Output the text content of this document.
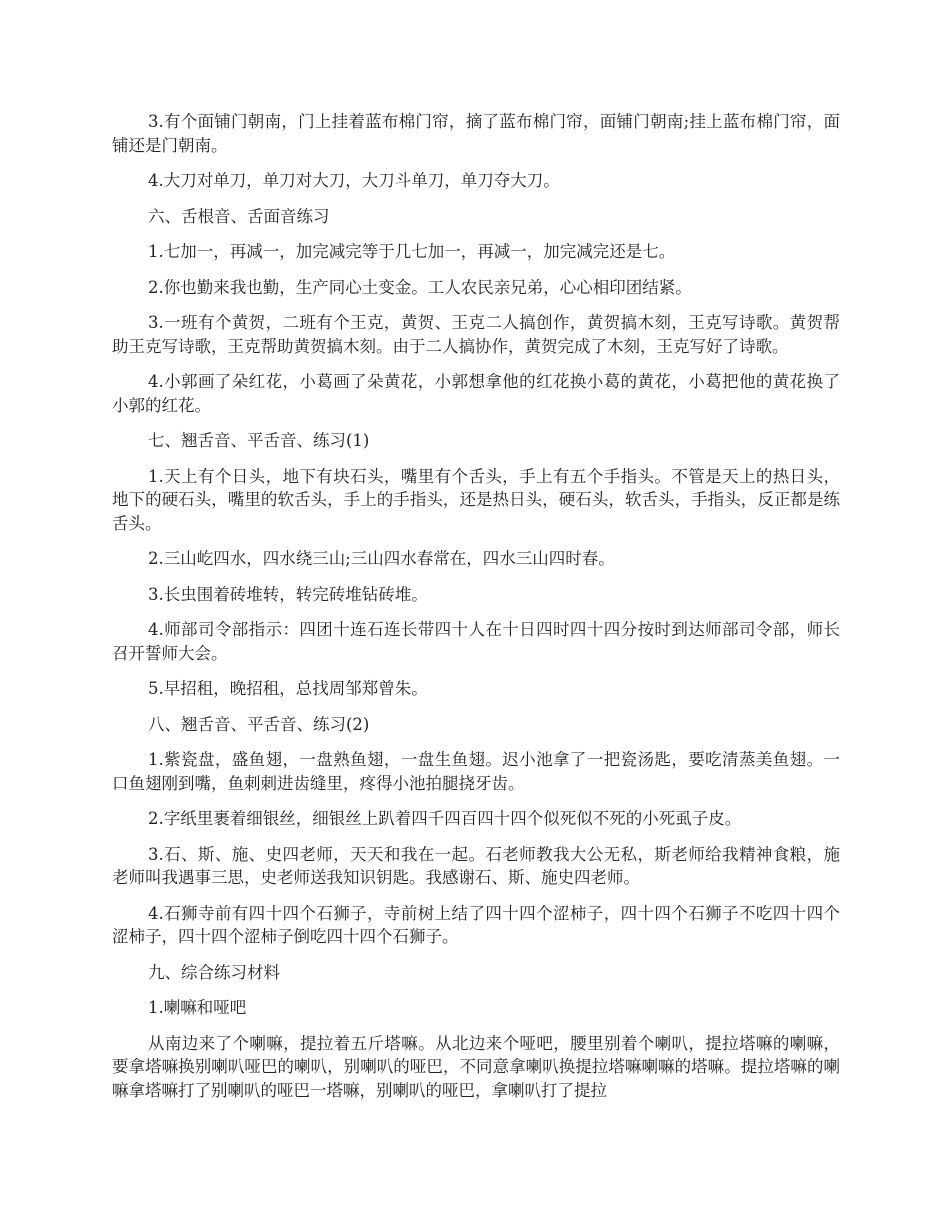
3.有个面铺门朝南，门上挂着蓝布棉门帘，摘了蓝布棉门帘，面铺门朝南;挂上蓝布棉门帘，面铺还是门朝南。

4.大刀对单刀，单刀对大刀，大刀斗单刀，单刀夺大刀。

六、舌根音、舌面音练习

1.七加一，再减一，加完减完等于几七加一，再减一，加完减完还是七。

2.你也勤来我也勤，生产同心土变金。工人农民亲兄弟，心心相印团结紧。

3.一班有个黄贺，二班有个王克，黄贺、王克二人搞创作，黄贺搞木刻，王克写诗歌。黄贺帮助王克写诗歌，王克帮助黄贺搞木刻。由于二人搞协作，黄贺完成了木刻，王克写好了诗歌。

4.小郭画了朵红花，小葛画了朵黄花，小郭想拿他的红花换小葛的黄花，小葛把他的黄花换了小郭的红花。

七、翘舌音、平舌音、练习(1)

1.天上有个日头，地下有块石头，嘴里有个舌头，手上有五个手指头。不管是天上的热日头，地下的硬石头，嘴里的软舌头，手上的手指头，还是热日头，硬石头，软舌头，手指头，反正都是练舌头。

2.三山屹四水，四水绕三山;三山四水春常在，四水三山四时春。

3.长虫围着砖堆转，转完砖堆钻砖堆。

4.师部司令部指示：四团十连石连长带四十人在十日四时四十四分按时到达师部司令部，师长召开誓师大会。

5.早招租，晚招租，总找周邹郑曾朱。

八、翘舌音、平舌音、练习(2)

1.紫瓷盘，盛鱼翅，一盘熟鱼翅，一盘生鱼翅。迟小池拿了一把瓷汤匙，要吃清蒸美鱼翅。一口鱼翅刚到嘴，鱼刺刺进齿缝里，疼得小池拍腿挠牙齿。

2.字纸里裹着细银丝，细银丝上趴着四千四百四十四个似死似不死的小死虱子皮。

3.石、斯、施、史四老师，天天和我在一起。石老师教我大公无私，斯老师给我精神食粮，施老师叫我遇事三思，史老师送我知识钥匙。我感谢石、斯、施史四老师。

4.石狮寺前有四十四个石狮子，寺前树上结了四十四个涩柿子，四十四个石狮子不吃四十四个涩柿子，四十四个涩柿子倒吃四十四个石狮子。

九、综合练习材料

1.喇嘛和哑吧

从南边来了个喇嘛，提拉着五斤塔嘛。从北边来个哑吧，腰里别着个喇叭，提拉塔嘛的喇嘛，要拿塔嘛换别喇叭哑巴的喇叭，别喇叭的哑巴，不同意拿喇叭换提拉塔嘛喇嘛的塔嘛。提拉塔嘛的喇嘛拿塔嘛打了别喇叭的哑巴一塔嘛，别喇叭的哑巴，拿喇叭打了提拉
